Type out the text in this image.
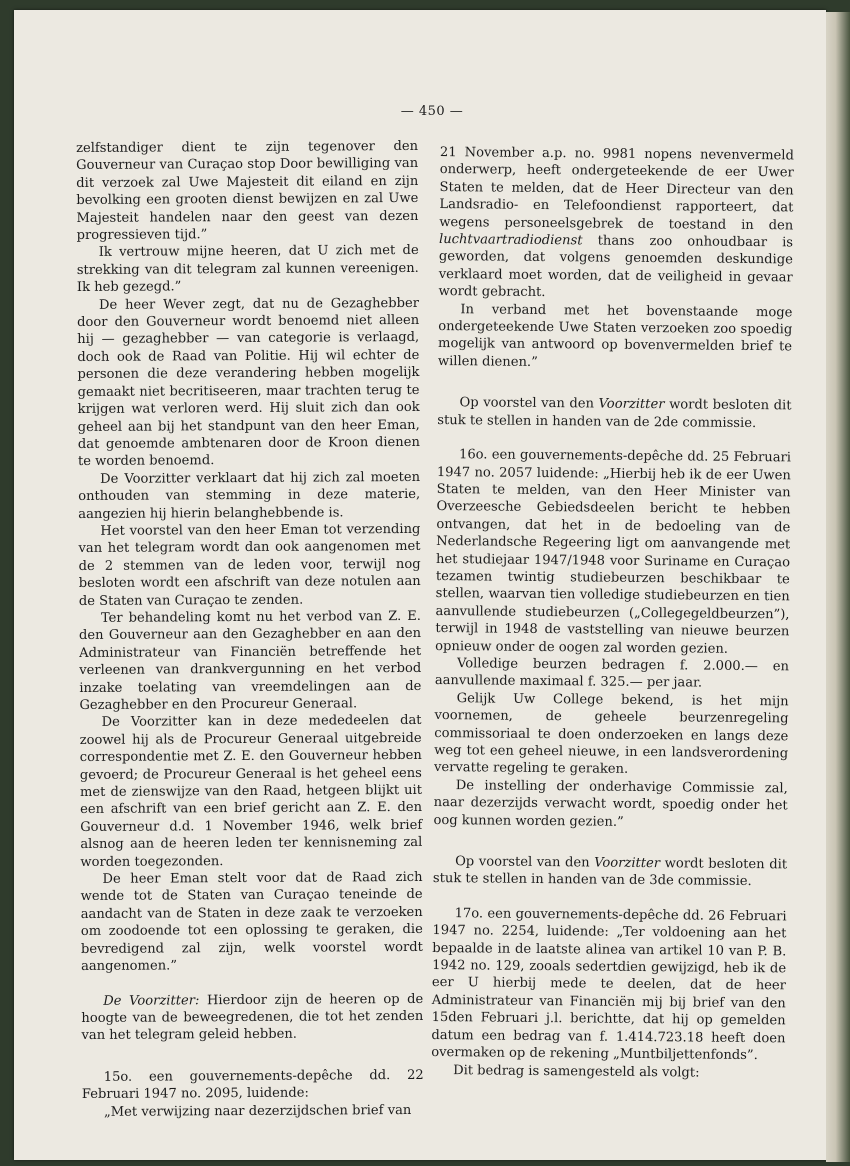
— 450 —

zelfstandiger dient te zijn tegenover den Gouverneur van Curaçao stop Door bewilliging van dit verzoek zal Uwe Majesteit dit eiland en zijn bevolking een grooten dienst bewijzen en zal Uwe Majesteit handelen naar den geest van dezen progressieven tijd.”

Ik vertrouw mijne heeren, dat U zich met de strekking van dit telegram zal kunnen vereenigen. Ik heb gezegd.”

De heer Wever zegt, dat nu de Gezaghebber door den Gouverneur wordt benoemd niet alleen hij — gezaghebber — van categorie is verlaagd, doch ook de Raad van Politie. Hij wil echter de personen die deze verandering hebben mogelijk gemaakt niet becritiseeren, maar trachten terug te krijgen wat verloren werd. Hij sluit zich dan ook geheel aan bij het standpunt van den heer Eman, dat genoemde ambtenaren door de Kroon dienen te worden benoemd.

De Voorzitter verklaart dat hij zich zal moeten onthouden van stemming in deze materie, aangezien hij hierin belanghebbende is.

Het voorstel van den heer Eman tot verzending van het telegram wordt dan ook aangenomen met de 2 stemmen van de leden voor, terwijl nog besloten wordt een afschrift van deze notulen aan de Staten van Curaçao te zenden.

Ter behandeling komt nu het verbod van Z. E. den Gouverneur aan den Gezaghebber en aan den Administrateur van Financiën betreffende het verleenen van drankvergunning en het verbod inzake toelating van vreemdelingen aan de Gezaghebber en den Procureur Generaal.

De Voorzitter kan in deze mededeelen dat zoowel hij als de Procureur Generaal uitgebreide correspondentie met Z. E. den Gouverneur hebben gevoerd; de Procureur Generaal is het geheel eens met de zienswijze van den Raad, hetgeen blijkt uit een afschrift van een brief gericht aan Z. E. den Gouverneur d.d. 1 November 1946, welk brief alsnog aan de heeren leden ter kennisneming zal worden toegezonden.

De heer Eman stelt voor dat de Raad zich wende tot de Staten van Curaçao teneinde de aandacht van de Staten in deze zaak te verzoeken om zoodoende tot een oplossing te geraken, die bevredigend zal zijn, welk voorstel wordt aangenomen.”

De Voorzitter: Hierdoor zijn de heeren op de hoogte van de beweegredenen, die tot het zenden van het telegram geleid hebben.

15o. een gouvernements-depêche dd. 22 Februari 1947 no. 2095, luidende:

„Met verwijzing naar dezerzijdschen brief van

21 November a.p. no. 9981 nopens nevenvermeld onderwerp, heeft ondergeteekende de eer Uwer Staten te melden, dat de Heer Directeur van den Landsradio- en Telefoondienst rapporteert, dat wegens personeelsgebrek de toestand in den luchtvaartradiodienst thans zoo onhoudbaar is geworden, dat volgens genoemden deskundige verklaard moet worden, dat de veiligheid in gevaar wordt gebracht.

In verband met het bovenstaande moge ondergeteekende Uwe Staten verzoeken zoo spoedig mogelijk van antwoord op bovenvermelden brief te willen dienen.”

Op voorstel van den Voorzitter wordt besloten dit stuk te stellen in handen van de 2de commissie.

16o. een gouvernements-depêche dd. 25 Februari 1947 no. 2057 luidende: „Hierbij heb ik de eer Uwen Staten te melden, van den Heer Minister van Overzeesche Gebiedsdeelen bericht te hebben ontvangen, dat het in de bedoeling van de Nederlandsche Regeering ligt om aanvangende met het studiejaar 1947/1948 voor Suriname en Curaçao tezamen twintig studiebeurzen beschikbaar te stellen, waarvan tien volledige studiebeurzen en tien aanvullende studiebeurzen („Collegegeldbeurzen”), terwijl in 1948 de vaststelling van nieuwe beurzen opnieuw onder de oogen zal worden gezien.

Volledige beurzen bedragen f. 2.000.— en aanvullende maximaal f. 325.— per jaar.

Gelijk Uw College bekend, is het mijn voornemen, de geheele beurzenregeling commissoriaal te doen onderzoeken en langs deze weg tot een geheel nieuwe, in een landsverordening vervatte regeling te geraken.

De instelling der onderhavige Commissie zal, naar dezerzijds verwacht wordt, spoedig onder het oog kunnen worden gezien.”

Op voorstel van den Voorzitter wordt besloten dit stuk te stellen in handen van de 3de commissie.

17o. een gouvernements-depêche dd. 26 Februari 1947 no. 2254, luidende: „Ter voldoening aan het bepaalde in de laatste alinea van artikel 10 van P. B. 1942 no. 129, zooals sedertdien gewijzigd, heb ik de eer U hierbij mede te deelen, dat de heer Administrateur van Financiën mij bij brief van den 15den Februari j.l. berichtte, dat hij op gemelden datum een bedrag van f. 1.414.723.18 heeft doen overmaken op de rekening „Muntbiljettenfonds”.

Dit bedrag is samengesteld als volgt:
